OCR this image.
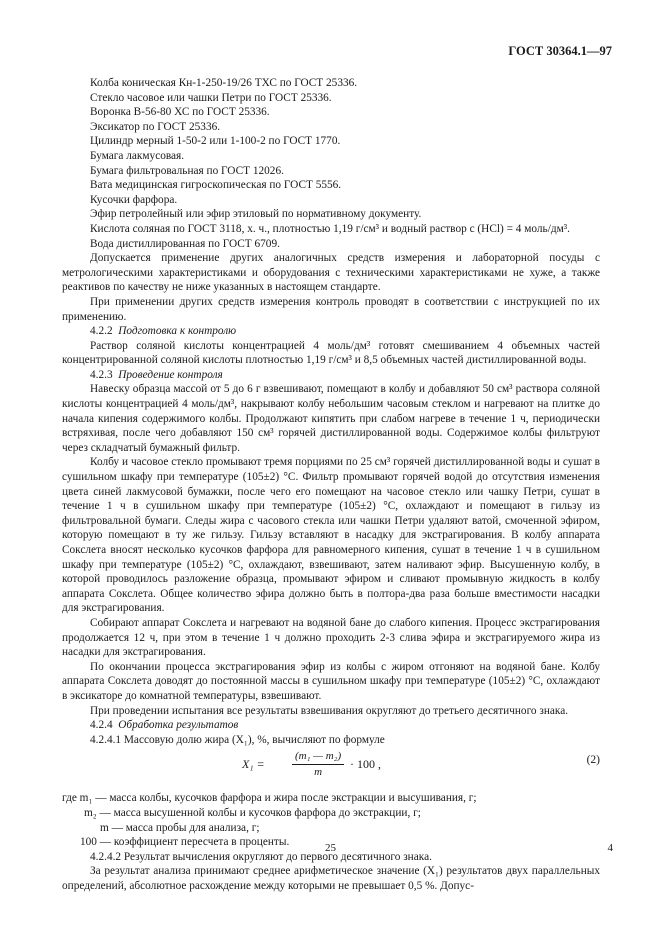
ГОСТ 30364.1—97

Колба коническая Кн-1-250-19/26 ТХС по ГОСТ 25336.

Стекло часовое или чашки Петри по ГОСТ 25336.

Воронка В-56-80 ХС по ГОСТ 25336.

Эксикатор по ГОСТ 25336.

Цилиндр мерный 1-50-2 или 1-100-2 по ГОСТ 1770.

Бумага лакмусовая.

Бумага фильтровальная по ГОСТ 12026.

Вата медицинская гигроскопическая по ГОСТ 5556.

Кусочки фарфора.

Эфир петролейный или эфир этиловый по нормативному документу.

Кислота соляная по ГОСТ 3118, х. ч., плотностью 1,19 г/см³ и водный раствор c (HCl) = 4 моль/дм³.

Вода дистиллированная по ГОСТ 6709.

Допускается применение других аналогичных средств измерения и лабораторной посуды с метрологическими характеристиками и оборудования с техническими характеристиками не хуже, а также реактивов по качеству не ниже указанных в настоящем стандарте.

При применении других средств измерения контроль проводят в соответствии с инструкцией по их применению.

4.2.2 Подготовка к контролю

Раствор соляной кислоты концентрацией 4 моль/дм³ готовят смешиванием 4 объемных частей концентрированной соляной кислоты плотностью 1,19 г/см³ и 8,5 объемных частей дистиллированной воды.

4.2.3 Проведение контроля

Навеску образца массой от 5 до 6 г взвешивают, помещают в колбу и добавляют 50 см³ раствора соляной кислоты концентрацией 4 моль/дм³, накрывают колбу небольшим часовым стеклом и нагревают на плитке до начала кипения содержимого колбы. Продолжают кипятить при слабом нагреве в течение 1 ч, периодически встряхивая, после чего добавляют 150 см³ горячей дистиллированной воды. Содержимое колбы фильтруют через складчатый бумажный фильтр.

Колбу и часовое стекло промывают тремя порциями по 25 см³ горячей дистиллированной воды и сушат в сушильном шкафу при температуре (105±2) °С. Фильтр промывают горячей водой до отсутствия изменения цвета синей лакмусовой бумажки, после чего его помещают на часовое стекло или чашку Петри, сушат в течение 1 ч в сушильном шкафу при температуре (105±2) °С, охлаждают и помещают в гильзу из фильтровальной бумаги. Следы жира с часового стекла или чашки Петри удаляют ватой, смоченной эфиром, которую помещают в ту же гильзу. Гильзу вставляют в насадку для экстрагирования. В колбу аппарата Сокслета вносят несколько кусочков фарфора для равномерного кипения, сушат в течение 1 ч в сушильном шкафу при температуре (105±2) °С, охлаждают, взвешивают, затем наливают эфир. Высушенную колбу, в которой проводилось разложение образца, промывают эфиром и сливают промывную жидкость в колбу аппарата Сокслета. Общее количество эфира должно быть в полтора-два раза больше вместимости насадки для экстрагирования.

Собирают аппарат Сокслета и нагревают на водяной бане до слабого кипения. Процесс экстрагирования продолжается 12 ч, при этом в течение 1 ч должно проходить 2-3 слива эфира и экстрагируемого жира из насадки для экстрагирования.

По окончании процесса экстрагирования эфир из колбы с жиром отгоняют на водяной бане. Колбу аппарата Сокслета доводят до постоянной массы в сушильном шкафу при температуре (105±2) °С, охлаждают в эксикаторе до комнатной температуры, взвешивают.

При проведении испытания все результаты взвешивания округляют до третьего десятичного знака.

4.2.4 Обработка результатов

4.2.4.1 Массовую долю жира (X₁), %, вычисляют по формуле

$X_1 = \frac{\text{(m₁ — m₂)}}{m} \cdot 100$ ,	(2)

где m₁ — масса колбы, кусочков фарфора и жира после экстракции и высушивания, г;

m₂ — масса высушенной колбы и кусочков фарфора до экстракции, г;

m — масса пробы для анализа, г;

100 — коэффициент пересчета в проценты.

4.2.4.2 Результат вычисления округляют до первого десятичного знака.

За результат анализа принимают среднее арифметическое значение (X₁) результатов двух параллельных определений, абсолютное расхождение между которыми не превышает 0,5 %. Допус-

25	4
